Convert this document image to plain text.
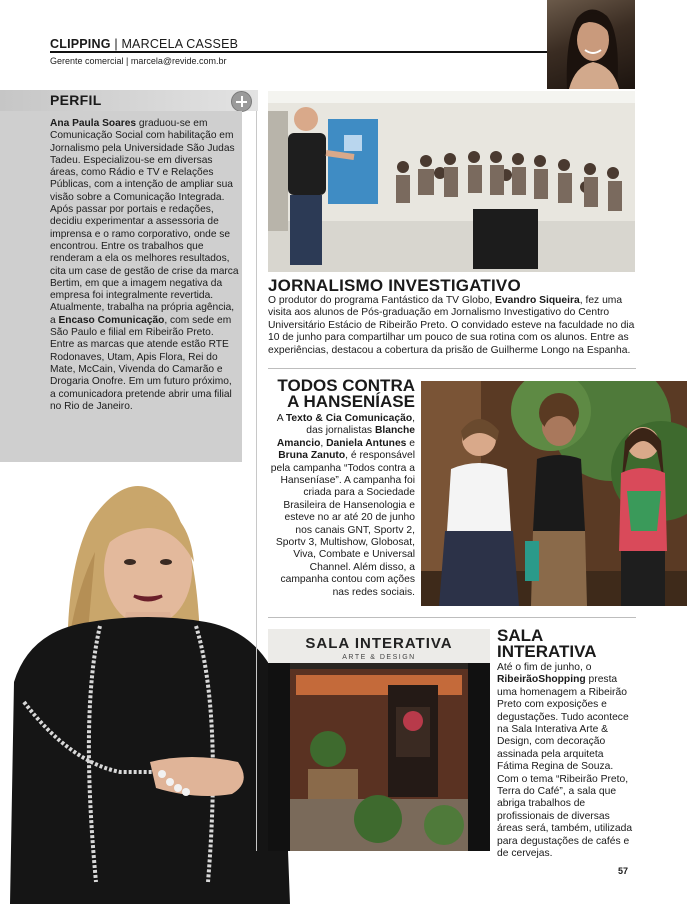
CLIPPING | MARCELA CASSEB
Gerente comercial | marcela@revide.com.br
PERFIL
Ana Paula Soares graduou-se em Comunicação Social com habilitação em Jornalismo pela Universidade São Judas Tadeu. Especializou-se em diversas áreas, como Rádio e TV e Relações Públicas, com a intenção de ampliar sua visão sobre a Comunicação Integrada. Após passar por portais e redações, decidiu experimentar a assessoria de imprensa e o ramo corporativo, onde se encontrou. Entre os trabalhos que renderam a ela os melhores resultados, cita um case de gestão de crise da marca Bertim, em que a imagem negativa da empresa foi integralmente revertida. Atualmente, trabalha na própria agência, a Encaso Comunicação, com sede em São Paulo e filial em Ribeirão Preto. Entre as marcas que atende estão RTE Rodonaves, Utam, Apis Flora, Rei do Mate, McCain, Vivenda do Camarão e Drogaria Onofre. Em um futuro próximo, a comunicadora pretende abrir uma filial no Rio de Janeiro.
JORNALISMO INVESTIGATIVO
O produtor do programa Fantástico da TV Globo, Evandro Siqueira, fez uma visita aos alunos de Pós-graduação em Jornalismo Investigativo do Centro Universitário Estácio de Ribeirão Preto. O convidado esteve na faculdade no dia 10 de junho para compartilhar um pouco de sua rotina com os alunos. Entre as experiências, destacou a cobertura da prisão de Guilherme Longo na Espanha.
TODOS CONTRA
A HANSENÍASE
A Texto & Cia Comunicação, das jornalistas Blanche Amancio, Daniela Antunes e Bruna Zanuto, é responsável pela campanha “Todos contra a Hanseníase”. A campanha foi criada para a Sociedade Brasileira de Hansenologia e esteve no ar até 20 de junho nos canais GNT, Sportv 2, Sportv 3, Multishow, Globosat, Viva, Combate e Universal Channel. Além disso, a campanha contou com ações nas redes sociais.
SALA INTERATIVA
ARTE & DESIGN
SALA
INTERATIVA
Até o fim de junho, o RibeirãoShopping presta uma homenagem a Ribeirão Preto com exposições e degustações. Tudo acontece na Sala Interativa Arte & Design, com decoração assinada pela arquiteta Fátima Regina de Souza. Com o tema “Ribeirão Preto, Terra do Café”, a sala que abriga trabalhos de profissionais de diversas áreas será, também, utilizada para degustações de cafés e de cervejas.
57
